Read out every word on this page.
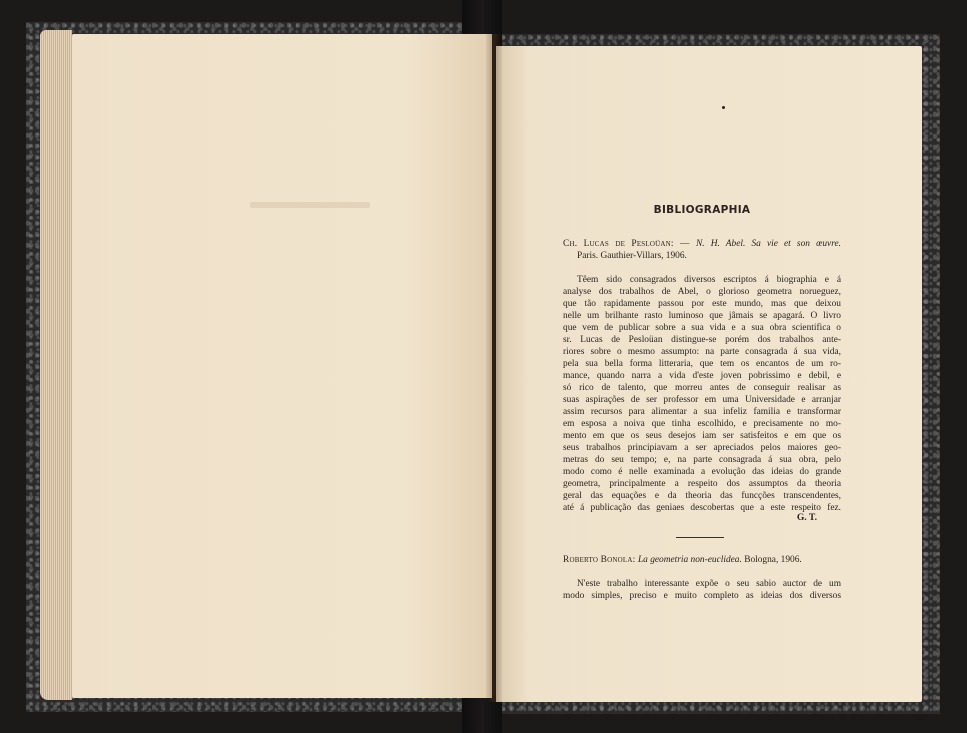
BIBLIOGRAPHIA
Ch. Lucas de Pesloüan: — N. H. Abel. Sa vie et son œuvre.
Paris. Gauthier-Villars, 1906.
Têem sido consagrados diversos escriptos á biographia e á
analyse dos trabalhos de Abel, o glorioso geometra norueguez,
que tão rapidamente passou por este mundo, mas que deixou
nelle um brilhante rasto luminoso que jâmais se apagará. O livro
que vem de publicar sobre a sua vida e a sua obra scientifica o
sr. Lucas de Pesloüan distingue-se porém dos trabalhos ante-
riores sobre o mesmo assumpto: na parte consagrada á sua vida,
pela sua bella forma litteraria, que tem os encantos de um ro-
mance, quando narra a vida d'este joven pobrissimo e debil, e
só rico de talento, que morreu antes de conseguir realisar as
suas aspirações de ser professor em uma Universidade e arranjar
assim recursos para alimentar a sua infeliz familia e transformar
em esposa a noiva que tinha escolhido, e precisamente no mo-
mento em que os seus desejos iam ser satisfeitos e em que os
seus trabalhos principiavam a ser apreciados pelos maiores geo-
metras do seu tempo; e, na parte consagrada á sua obra, pelo
modo como é nelle examinada a evolução das ideias do grande
geometra, principalmente a respeito dos assumptos da theoria
geral das equações e da theoria das funcções transcendentes,
até á publicação das geniaes descobertas que a este respeito fez.
G. T.
Roberto Bonola: La geometria non-euclidea. Bologna, 1906.
N'este trabalho interessante expõe o seu sabio auctor de um
modo simples, preciso e muito completo as ideias dos diversos
